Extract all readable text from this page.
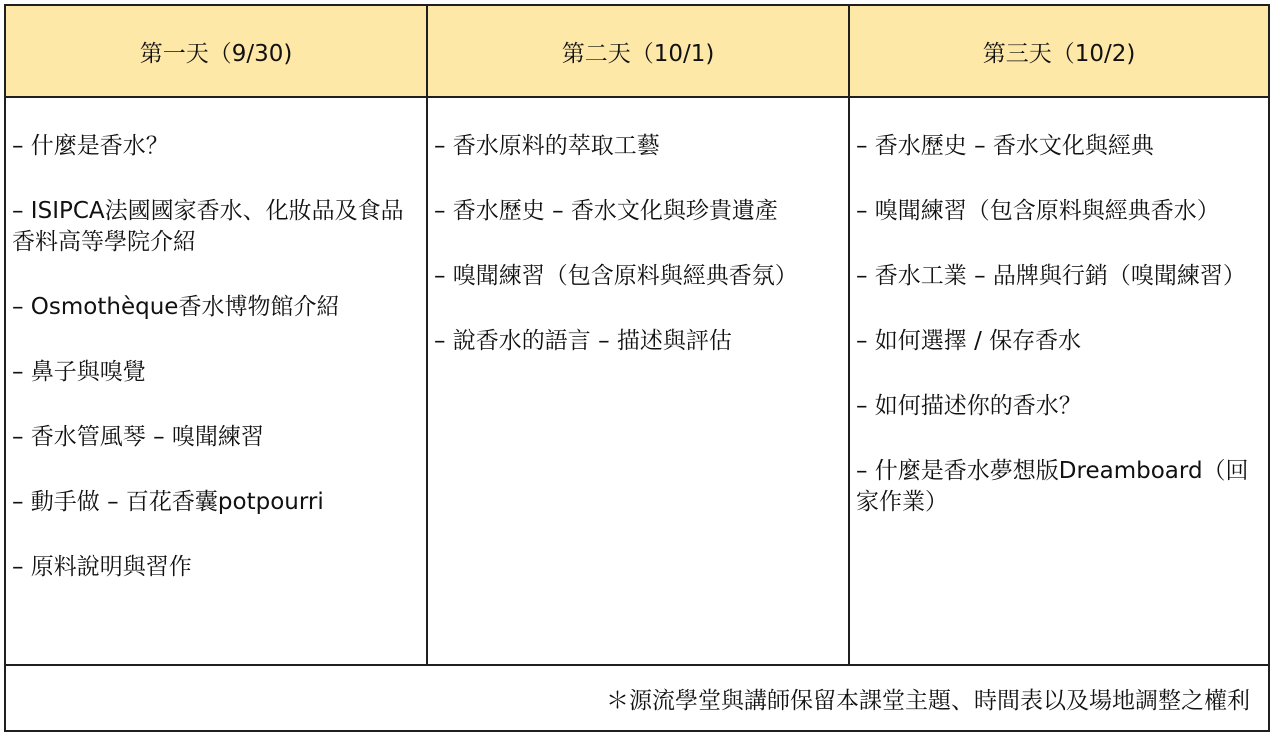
第一天（9/30)	第二天（10/1)	第三天（10/2)
– 什麼是香水？
– ISIPCA法國國家香水、化妝品及食品香料高等學院介紹
– Osmothèque香水博物館介紹
– 鼻子與嗅覺
– 香水管風琴 – 嗅聞練習
– 動手做 – 百花香囊potpourri
– 原料說明與習作
– 香水原料的萃取工藝
– 香水歷史 – 香水文化與珍貴遺產
– 嗅聞練習（包含原料與經典香氛）
– 說香水的語言 – 描述與評估
– 香水歷史 – 香水文化與經典
– 嗅聞練習（包含原料與經典香水）
– 香水工業 – 品牌與行銷（嗅聞練習）
– 如何選擇 / 保存香水
– 如何描述你的香水？
– 什麼是香水夢想版Dreamboard（回家作業）
＊源流學堂與講師保留本課堂主題、時間表以及場地調整之權利
